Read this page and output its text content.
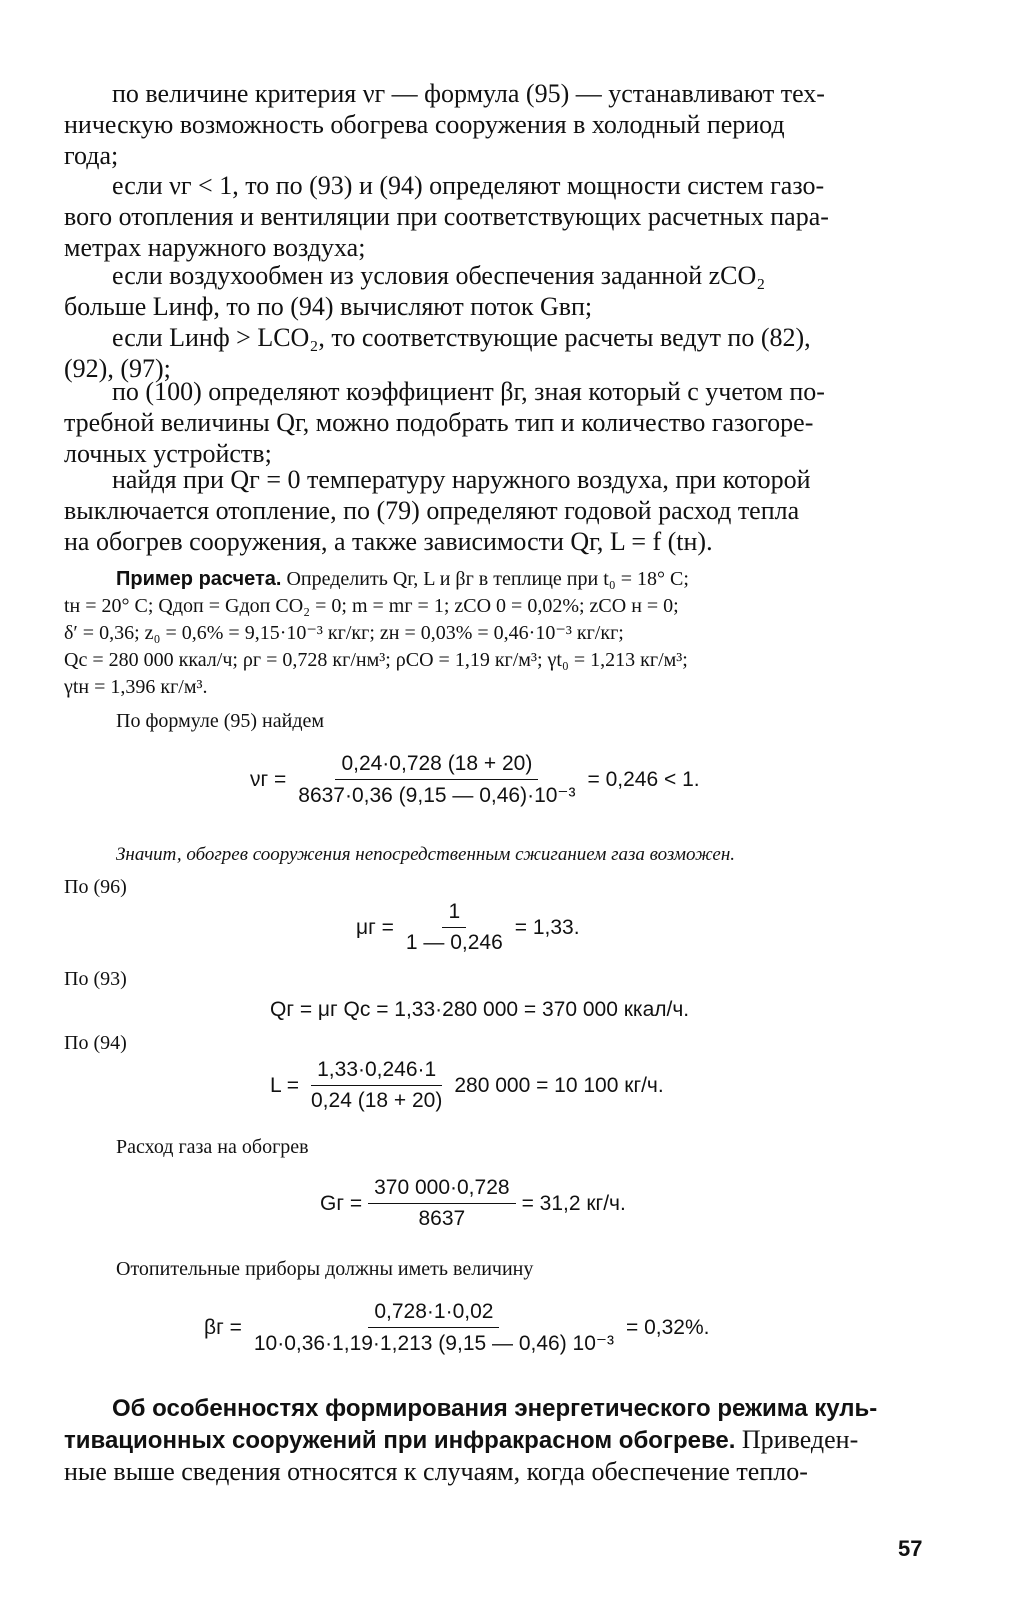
по величине критерия νг — формула (95) — устанавливают тех-
ническую возможность обогрева сооружения в холодный период
года;
если νг < 1, то по (93) и (94) определяют мощности систем газо-
вого отопления и вентиляции при соответствующих расчетных пара-
метрах наружного воздуха;
если воздухообмен из условия обеспечения заданной zCO₂
больше Lинф, то по (94) вычисляют поток Gвп;
если Lинф > LCO₂, то соответствующие расчеты ведут по (82),
(92), (97);
по (100) определяют коэффициент βг, зная который с учетом по-
требной величины Qг, можно подобрать тип и количество газогоре-
лочных устройств;
найдя при Qг = 0 температуру наружного воздуха, при которой
выключается отопление, по (79) определяют годовой расход тепла
на обогрев сооружения, а также зависимости Qг, L = f (tн).
Пример расчета. Определить Qг, L и βг в теплице при t₀ = 18° C;
tн = 20° C; Qдоп = Gдоп CO₂ = 0; m = mг = 1; zCO 0 = 0,02%; zCO н = 0;
δ′ = 0,36; z₀ = 0,6% = 9,15·10⁻³ кг/кг; zн = 0,03% = 0,46·10⁻³ кг/кг;
Qс = 280 000 ккал/ч; ρг = 0,728 кг/нм³; ρCO = 1,19 кг/м³; γt₀ = 1,213 кг/м³;
γtн = 1,396 кг/м³.
По формуле (95) найдем
$\nu г = \frac{0,24\cdot 0,728 (18 + 20)}{\text{8637·0,36 (9,15 — 0,46)·10⁻³}} = 0,246 < 1$.
Значит, обогрев сооружения непосредственным сжиганием газа возможен.
По (96)
$\mu г = \frac{1}{1 — 0,246} = 1,33$.
По (93)
Qг = μг Qс = 1,33·280 000 = 370 000 ккал/ч.
По (94)
$L = \frac{1,33\cdot 0,246\cdot 1}{0,24 (18 + 20)} 280$ 000 = 10 100 кг/ч.
Расход газа на обогрев
Gг = $\frac{370 000\cdot 0,728}{8637} = 31,2$ кг/ч.
Отопительные приборы должны иметь величину
$\beta г = \frac{0,728\cdot 1\cdot 0,02}{\text{10·0,36·1,19·1,213 (9,15 — 0,46) 10⁻³}} = 0,32\%$.
Об особенностях формирования энергетического режима куль-
тивационных сооружений при инфракрасном обогреве. Приведен-
ные выше сведения относятся к случаям, когда обеспечение тепло-
57
